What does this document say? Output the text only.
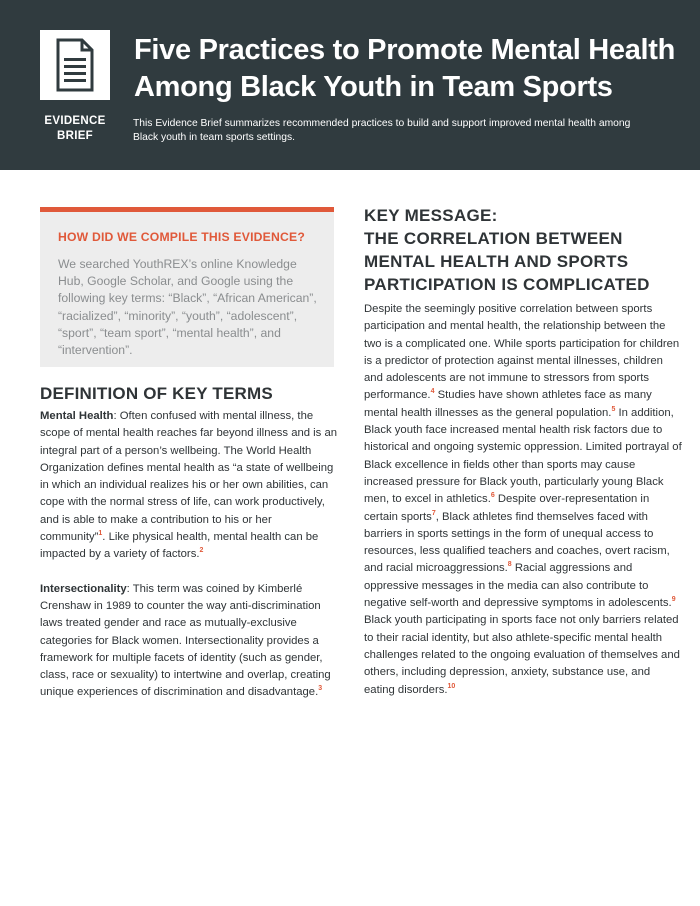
EVIDENCE
BRIEF
Five Practices to Promote Mental Health Among Black Youth in Team Sports

This Evidence Brief summarizes recommended practices to build and support improved mental health among Black youth in team sports settings.

HOW DID WE COMPILE THIS EVIDENCE?
We searched YouthREX’s online Knowledge Hub, Google Scholar, and Google using the following key terms: “Black”, “African American”, “racialized”, “minority”, “youth”, “adolescent”, “sport”, “team sport”, “mental health”, and “intervention”.
DEFINITION OF KEY TERMS

Mental Health: Often confused with mental illness, the scope of mental health reaches far beyond illness and is an integral part of a person’s wellbeing. The World Health Organization defines mental health as “a state of wellbeing in which an individual realizes his or her own abilities, can cope with the normal stress of life, can work productively, and is able to make a contribution to his or her community”$^1$. Like physical health, mental health can be impacted by a variety of factors.$^2$

Intersectionality: This term was coined by Kimberlé Crenshaw in 1989 to counter the way anti-discrimination laws treated gender and race as mutually-exclusive categories for Black women. Intersectionality provides a framework for multiple facets of identity (such as gender, class, race or sexuality) to intertwine and overlap, creating unique experiences of discrimination and disadvantage.$^3$

KEY MESSAGE:
THE CORRELATION BETWEEN MENTAL HEALTH AND SPORTS PARTICIPATION IS COMPLICATED
Despite the seemingly positive correlation between sports participation and mental health, the relationship between the two is a complicated one. While sports participation for children is a predictor of protection against mental illnesses, children and adolescents are not immune to stressors from sports performance.$^4$ Studies have shown athletes face as many mental health illnesses as the general population.$^5$ In addition, Black youth face increased mental health risk factors due to historical and ongoing systemic oppression. Limited portrayal of Black excellence in fields other than sports may cause increased pressure for Black youth, particularly young Black men, to excel in athletics.$^6$ Despite over-representation in certain sports$^7$, Black athletes find themselves faced with barriers in sports settings in the form of unequal access to resources, less qualified teachers and coaches, overt racism, and racial microaggressions.$^8$ Racial aggressions and oppressive messages in the media can also contribute to negative self-worth and depressive symptoms in adolescents.$^9$ Black youth participating in sports face not only barriers related to their racial identity, but also athlete-specific mental health challenges related to the ongoing evaluation of themselves and others, including depression, anxiety, substance use, and eating disorders.$^{10}$
